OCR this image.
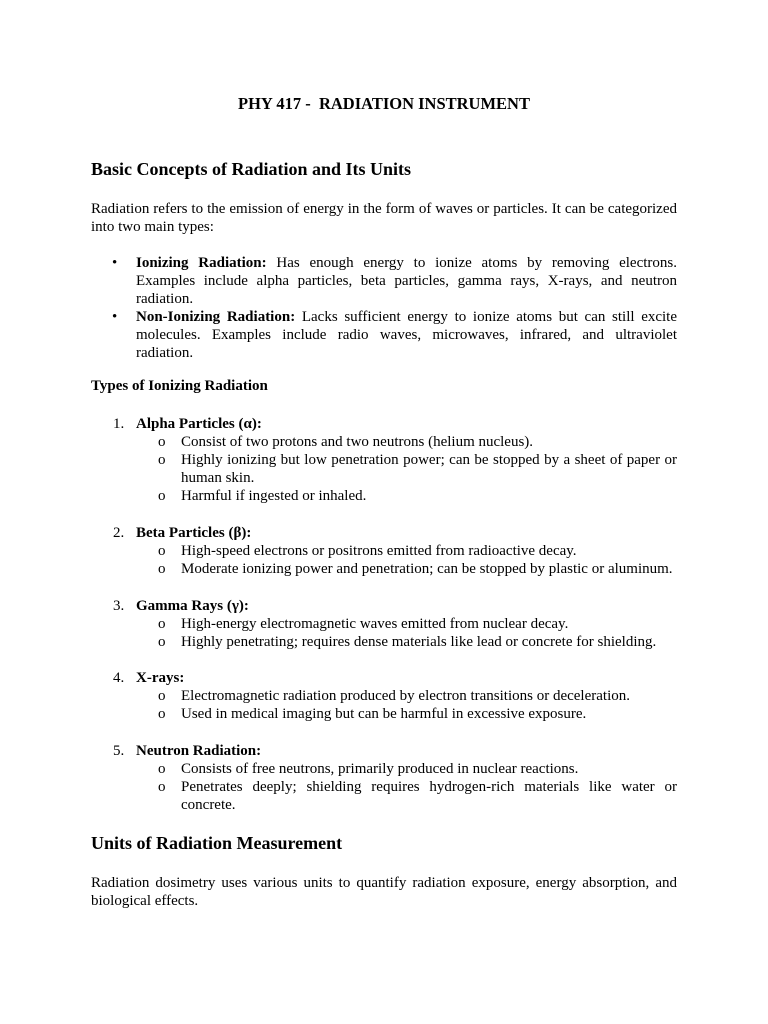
PHY 417 -  RADIATION INSTRUMENT
Basic Concepts of Radiation and Its Units
Radiation refers to the emission of energy in the form of waves or particles. It can be categorized into two main types:
• Ionizing Radiation: Has enough energy to ionize atoms by removing electrons. Examples include alpha particles, beta particles, gamma rays, X-rays, and neutron radiation.
• Non-Ionizing Radiation: Lacks sufficient energy to ionize atoms but can still excite molecules. Examples include radio waves, microwaves, infrared, and ultraviolet radiation.
Types of Ionizing Radiation
1. Alpha Particles (α):
o Consist of two protons and two neutrons (helium nucleus).
o Highly ionizing but low penetration power; can be stopped by a sheet of paper or human skin.
o Harmful if ingested or inhaled.
2. Beta Particles (β):
o High-speed electrons or positrons emitted from radioactive decay.
o Moderate ionizing power and penetration; can be stopped by plastic or aluminum.
3. Gamma Rays (γ):
o High-energy electromagnetic waves emitted from nuclear decay.
o Highly penetrating; requires dense materials like lead or concrete for shielding.
4. X-rays:
o Electromagnetic radiation produced by electron transitions or deceleration.
o Used in medical imaging but can be harmful in excessive exposure.
5. Neutron Radiation:
o Consists of free neutrons, primarily produced in nuclear reactions.
o Penetrates deeply; shielding requires hydrogen-rich materials like water or concrete.
Units of Radiation Measurement
Radiation dosimetry uses various units to quantify radiation exposure, energy absorption, and biological effects.
